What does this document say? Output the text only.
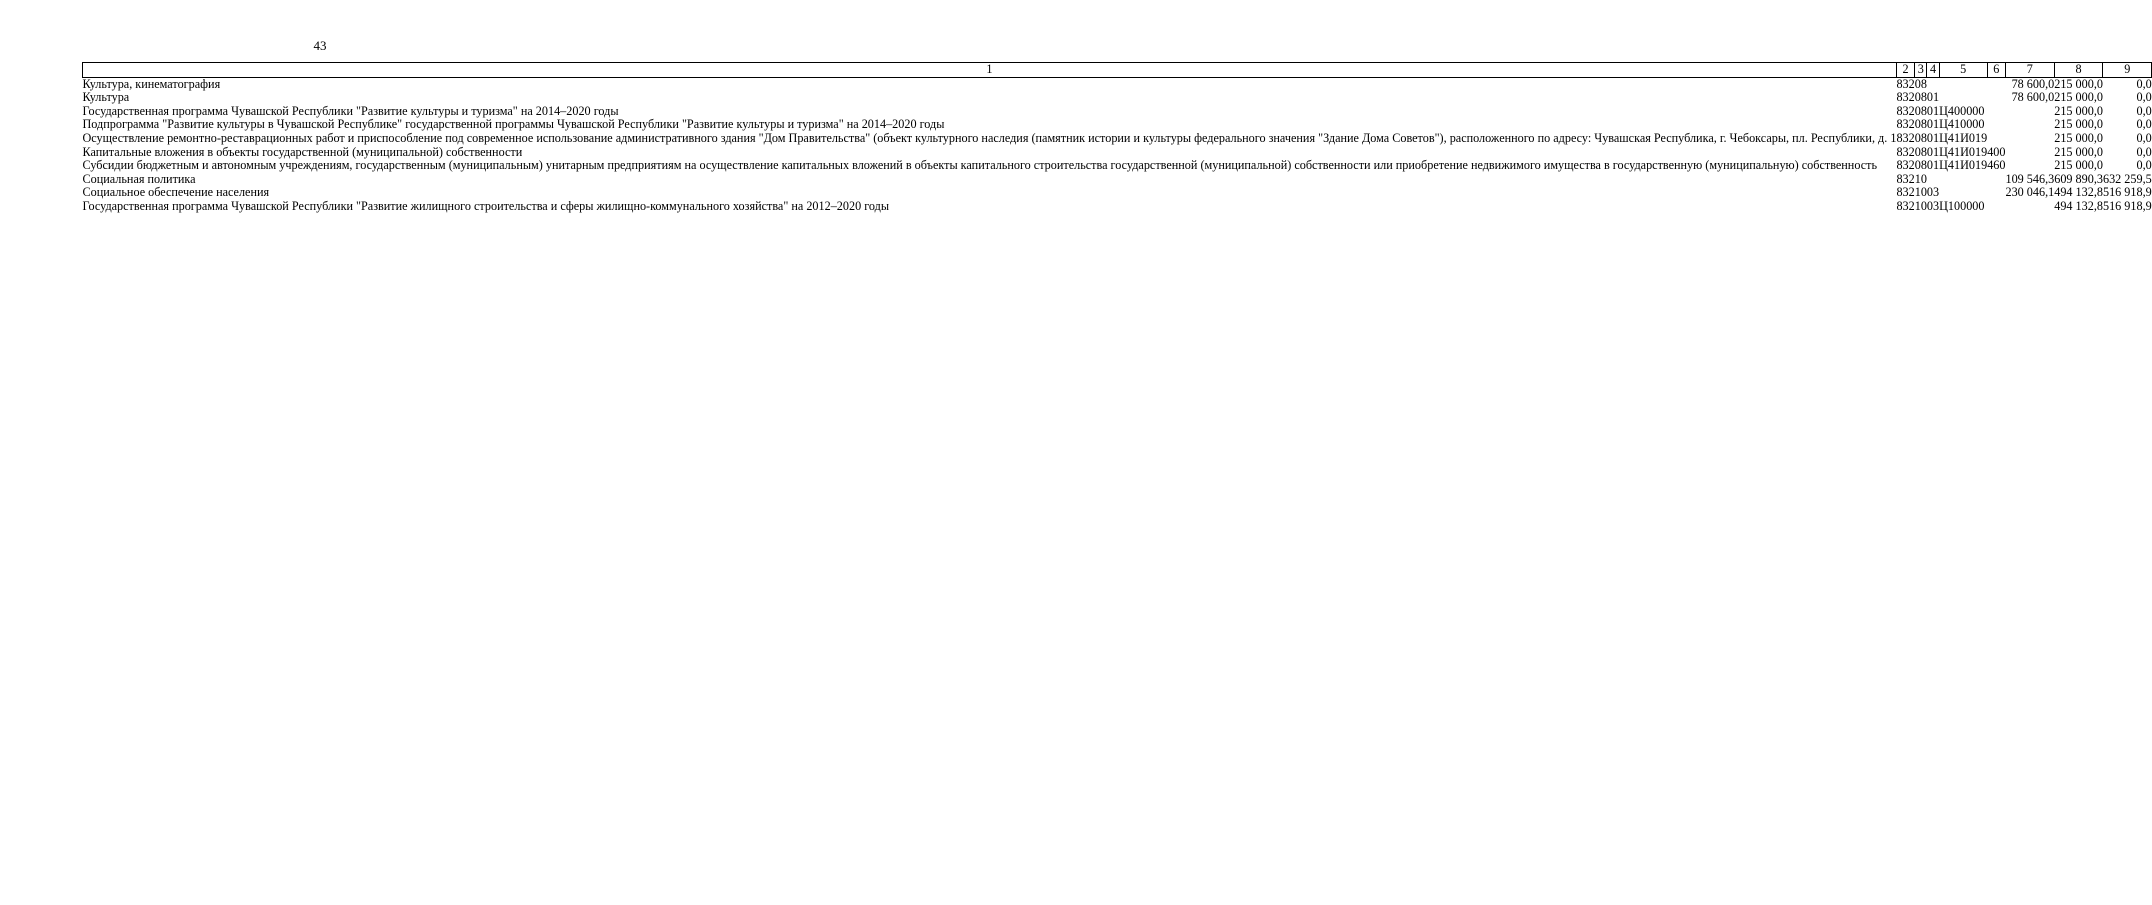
43
1	2	3	4	5	6	7	8	9
Культура, кинематография	832	08				78 600,0	215 000,0	0,0
Культура	832	08	01			78 600,0	215 000,0	0,0
Государственная программа Чувашской Республики "Развитие культуры и туризма" на 2014–2020 годы	832	08	01	Ц400000			215 000,0	0,0
Подпрограмма "Развитие культуры в Чувашской Республике" государственной программы Чувашской Республики "Развитие культуры и туризма" на 2014–2020 годы	832	08	01	Ц410000			215 000,0	0,0
Осуществление ремонтно-реставрационных работ и приспособление под современное использование административного здания "Дом Правительства" (объект культурного наследия (памятник истории и культуры федерального значения "Здание Дома Советов"), расположенного по адресу: Чувашская Республика, г. Чебоксары, пл. Республики, д. 1	832	08	01	Ц41И019			215 000,0	0,0
Капитальные вложения в объекты государственной (муниципальной) собственности	832	08	01	Ц41И019	400		215 000,0	0,0
Субсидии бюджетным и автономным учреждениям, государственным (муниципальным) унитарным предприятиям на осуществление капитальных вложений в объекты капитального строительства государственной (муниципальной) собственности или приобретение недвижимого имущества в государственную (муниципальную) собственность	832	08	01	Ц41И019	460		215 000,0	0,0
Социальная политика	832	10				109 546,3	609 890,3	632 259,5
Социальное обеспечение населения	832	10	03			230 046,1	494 132,8	516 918,9
Государственная программа Чувашской Республики "Развитие жилищного строительства и сферы жилищно-коммунального хозяйства" на 2012–2020 годы	832	10	03	Ц100000			494 132,8	516 918,9
